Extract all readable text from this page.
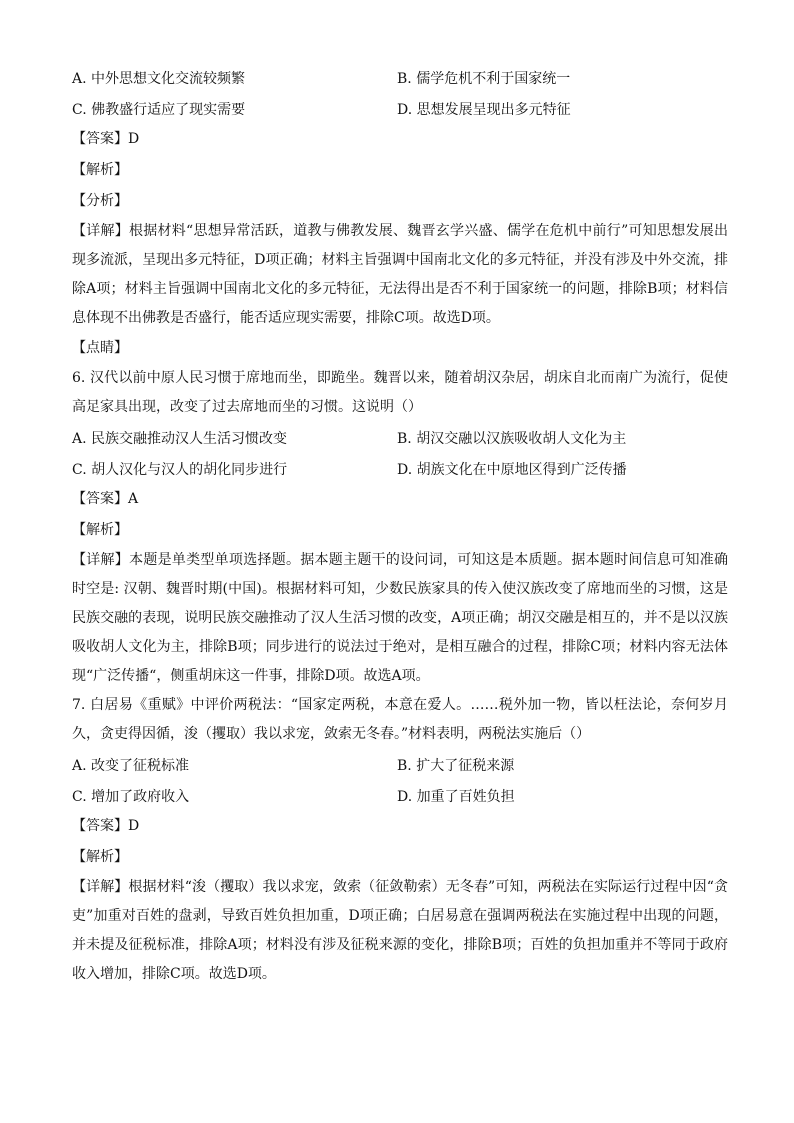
A. 中外思想文化交流较频繁	B. 儒学危机不利于国家统一
C. 佛教盛行适应了现实需要	D. 思想发展呈现出多元特征
【答案】D
【解析】
【分析】

【详解】根据材料“思想异常活跃，道教与佛教发展、魏晋玄学兴盛、儒学在危机中前行”可知思想发展出现多流派，呈现出多元特征，D项正确；材料主旨强调中国南北文化的多元特征，并没有涉及中外交流，排除A项；材料主旨强调中国南北文化的多元特征，无法得出是否不利于国家统一的问题，排除B项；材料信息体现不出佛教是否盛行，能否适应现实需要，排除C项。故选D项。

【点睛】

6. 汉代以前中原人民习惯于席地而坐，即跪坐。魏晋以来，随着胡汉杂居，胡床自北而南广为流行，促使高足家具出现，改变了过去席地而坐的习惯。这说明（）

A. 民族交融推动汉人生活习惯改变	B. 胡汉交融以汉族吸收胡人文化为主
C. 胡人汉化与汉人的胡化同步进行	D. 胡族文化在中原地区得到广泛传播
【答案】A
【解析】

【详解】本题是单类型单项选择题。据本题主题干的设问词，可知这是本质题。据本题时间信息可知准确时空是: 汉朝、魏晋时期(中国)。根据材料可知，少数民族家具的传入使汉族改变了席地而坐的习惯，这是民族交融的表现，说明民族交融推动了汉人生活习惯的改变，A项正确；胡汉交融是相互的，并不是以汉族吸收胡人文化为主，排除B项；同步进行的说法过于绝对，是相互融合的过程，排除C项；材料内容无法体现“广泛传播“，侧重胡床这一件事，排除D项。故选A项。

7. 白居易《重赋》中评价两税法：“国家定两税，本意在爱人。……税外加一物，皆以枉法论，奈何岁月久，贪吏得因循，浚（攫取）我以求宠，敛索无冬春。”材料表明，两税法实施后（）

A. 改变了征税标准	B. 扩大了征税来源
C. 增加了政府收入	D. 加重了百姓负担
【答案】D
【解析】

【详解】根据材料“浚（攫取）我以求宠，敛索（征敛勒索）无冬春”可知，两税法在实际运行过程中因“贪吏”加重对百姓的盘剥，导致百姓负担加重，D项正确；白居易意在强调两税法在实施过程中出现的问题，并未提及征税标准，排除A项；材料没有涉及征税来源的变化，排除B项；百姓的负担加重并不等同于政府收入增加，排除C项。故选D项。
